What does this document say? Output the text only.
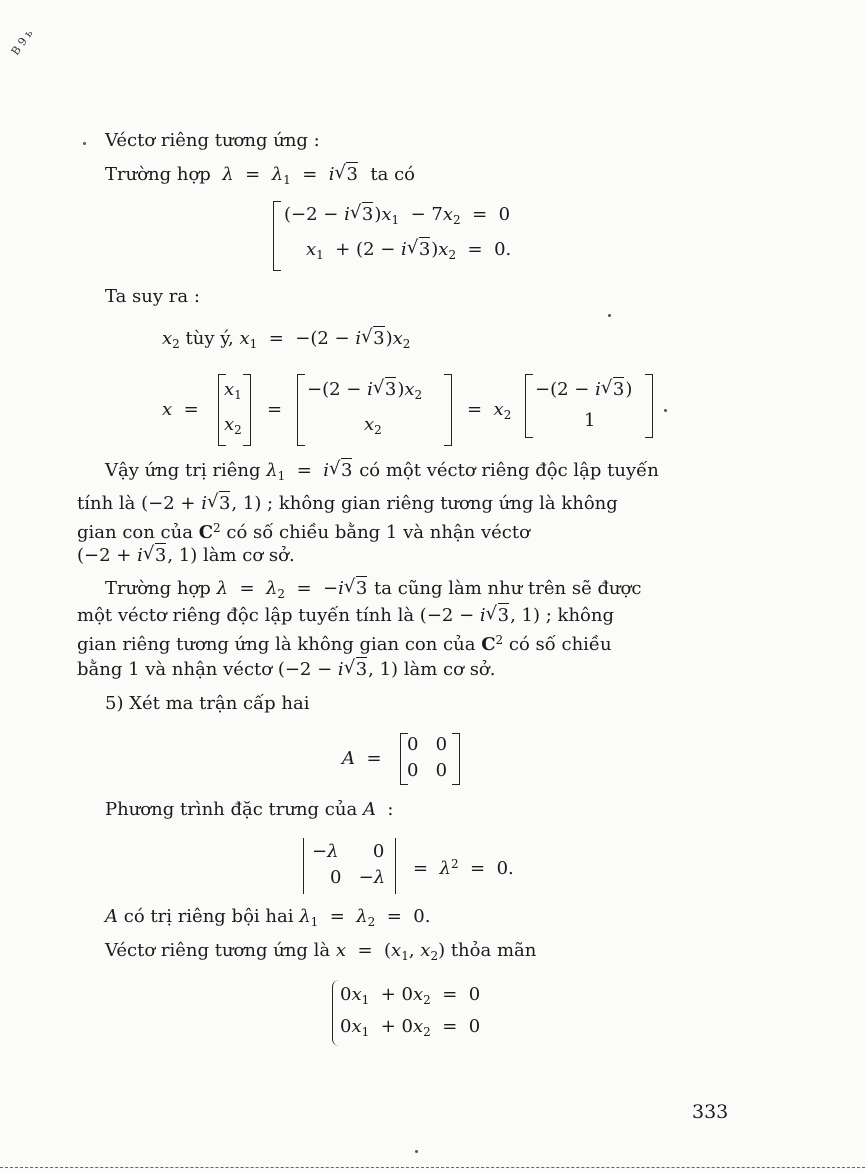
В 9 ь
Véctơ riêng tương ứng :
Trường hợp $\lambda = \lambda_1 = i$ √ 3 ta có
(−2 − i √ $3)x_1 - 7x_2 = 0$
$x_1 + (2 - i$ √ $3)x_2 = 0$.
Ta suy ra :
$x_2$ tùy ý, $x_1 = -(2 - i$ √ $3)x_2$
x  =
$x_1$
$x_2$
=
−(2 − i √ $3)x_2$
$x_2$
=  $x_2$
−(2 − i √ 3)
1
Vậy ứng trị riêng $\lambda_1 = i$ √ 3 có một véctơ riêng độc lập tuyến
tính là (−2 + i √ 3, 1) ; không gian riêng tương ứng là không
gian con của $C^2$ có số chiều bằng 1 và nhận véctơ
(−2 + i √ 3, 1) làm cơ sở.
Trường hợp $\lambda = \lambda_2 = -i$ √ 3 ta cũng làm như trên sẽ được
một véctơ riêng độc lập tuyến tính là (−2 − i √ 3, 1) ; không
gian riêng tương ứng là không gian con của $C^2$ có số chiều
bằng 1 và nhận véctơ (−2 − i √ 3, 1) làm cơ sở.
5) Xét ma trận cấp hai
A  =
0   0
0   0
Phương trình đặc trưng của A  :
−λ      0
$0 -\lambda = \lambda^2 = 0$.
A có trị riêng bội hai $\lambda_1 = \lambda_2 = 0$.
Véctơ riêng tương ứng là $x = (x_1$, $x_2$) thỏa mãn
$0x_1 + 0x_2 = 0$
$0x_1 + 0x_2 = 0$
333
